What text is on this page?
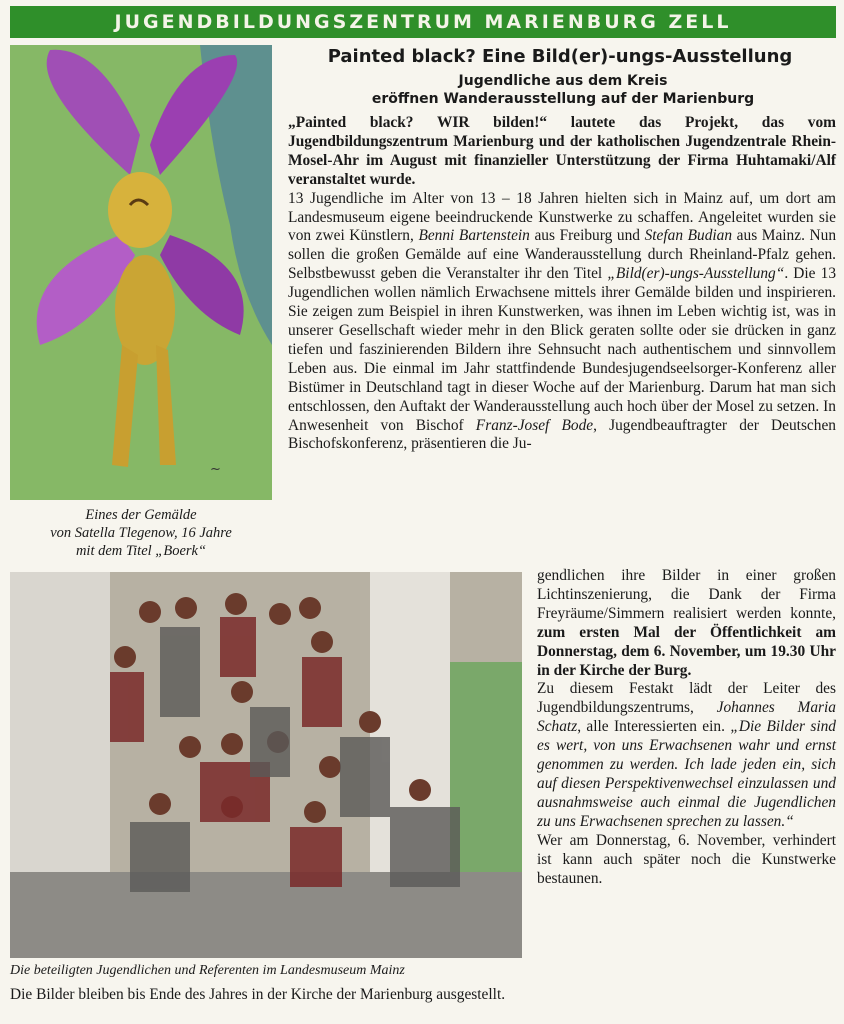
JUGENDBILDUNGSZENTRUM MARIENBURG ZELL
~
Eines der Gemälde
von Satella Tlegenow, 16 Jahre
mit dem Titel „Boerk“
Painted black? Eine Bild(er)-ungs-Ausstellung
Jugendliche aus dem Kreis
eröffnen Wanderausstellung auf der Marienburg

„Painted black? WIR bilden!“ lautete das Projekt, das vom Jugendbildungszentrum Marienburg und der katholischen Jugendzentrale Rhein-Mosel-Ahr im August mit finanzieller Unterstützung der Firma Huhtamaki/Alf veranstaltet wurde.

13 Jugendliche im Alter von 13 – 18 Jahren hielten sich in Mainz auf, um dort am Landesmuseum eigene beeindruckende Kunstwerke zu schaffen. Angeleitet wurden sie von zwei Künstlern, Benni Bartenstein aus Freiburg und Stefan Budian aus Mainz. Nun sollen die großen Gemälde auf eine Wanderausstellung durch Rheinland-Pfalz gehen. Selbstbewusst geben die Veranstalter ihr den Titel „Bild(er)-ungs-Ausstellung“. Die 13 Jugendlichen wollen nämlich Erwachsene mittels ihrer Gemälde bilden und inspirieren. Sie zeigen zum Beispiel in ihren Kunstwerken, was ihnen im Leben wichtig ist, was in unserer Gesellschaft wieder mehr in den Blick geraten sollte oder sie drücken in ganz tiefen und faszinierenden Bildern ihre Sehnsucht nach authentischem und sinnvollem Leben aus. Die einmal im Jahr stattfindende Bundesjugendseelsorger-Konferenz aller Bistümer in Deutschland tagt in dieser Woche auf der Marienburg. Darum hat man sich entschlossen, den Auftakt der Wanderausstellung auch hoch über der Mosel zu setzen. In Anwesenheit von Bischof Franz-Josef Bode, Jugendbeauftragter der Deutschen Bischofskonferenz, präsentieren die Ju-

gendlichen ihre Bilder in einer großen Lichtinszenierung, die Dank der Firma Freyräume/Simmern realisiert werden konnte, zum ersten Mal der Öffentlichkeit am Donnerstag, dem 6. November, um 19.30 Uhr in der Kirche der Burg.

Zu diesem Festakt lädt der Leiter des Jugendbildungszentrums, Johannes Maria Schatz, alle Interessierten ein. „Die Bilder sind es wert, von uns Erwachsenen wahr und ernst genommen zu werden. Ich lade jeden ein, sich auf diesen Perspektivenwechsel einzulassen und ausnahmsweise auch einmal die Jugendlichen zu uns Erwachsenen sprechen zu lassen.“

Wer am Donnerstag, 6. November, verhindert ist kann auch später noch die Kunstwerke bestaunen.

Die beteiligten Jugendlichen und Referenten im Landesmuseum Mainz
Die Bilder bleiben bis Ende des Jahres in der Kirche der Marienburg ausgestellt.
